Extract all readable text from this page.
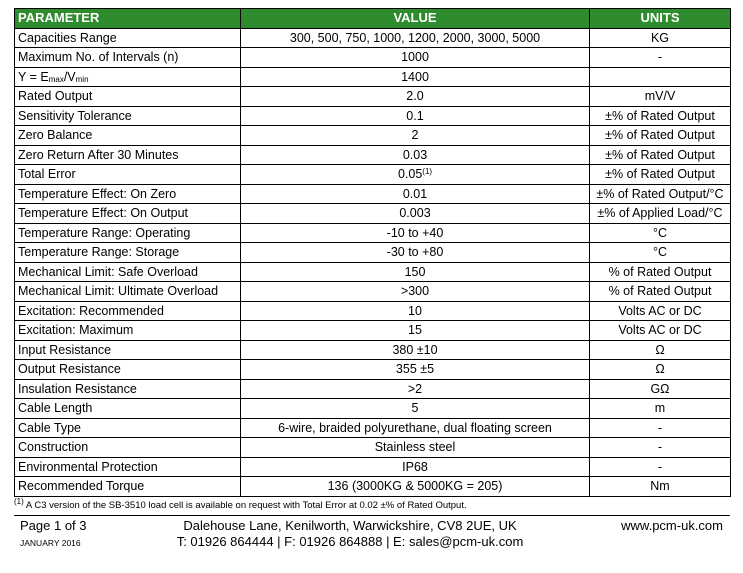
PARAMETER	VALUE	UNITS
Capacities Range	300, 500, 750, 1000, 1200, 2000, 3000, 5000	KG
Maximum No. of Intervals (n)	1000	-
$Y = E_{max}/V_{min}$	1400	
Rated Output	2.0	mV/V
Sensitivity Tolerance	0.1	±% of Rated Output
Zero Balance	2	±% of Rated Output
Zero Return After 30 Minutes	0.03	±% of Rated Output
Total Error	$0.05^{(1)}$	±% of Rated Output
Temperature Effect: On Zero	0.01	±% of Rated Output/°C
Temperature Effect: On Output	0.003	±% of Applied Load/°C
Temperature Range: Operating	-10 to +40	°C
Temperature Range: Storage	-30 to +80	°C
Mechanical Limit: Safe Overload	150	% of Rated Output
Mechanical Limit: Ultimate Overload	>300	% of Rated Output
Excitation: Recommended	10	Volts AC or DC
Excitation: Maximum	15	Volts AC or DC
Input Resistance	380 ±10	Ω
Output Resistance	355 ±5	Ω
Insulation Resistance	>2	GΩ
Cable Length	5	m
Cable Type	6-wire, braided polyurethane, dual floating screen	-
Construction	Stainless steel	-
Environmental Protection	IP68	-
Recommended Torque	136 (3000KG & 5000KG = 205)	Nm
$^{(1)}$ A C3 version of the SB-3510 load cell is available on request with Total Error at 0.02 ±% of Rated Output.
Page 1 of 3
JANUARY 2016
Dalehouse Lane, Kenilworth, Warwickshire, CV8 2UE, UK
T: 01926 864444 | F: 01926 864888 | E: sales@pcm-uk.com
www.pcm-uk.com
